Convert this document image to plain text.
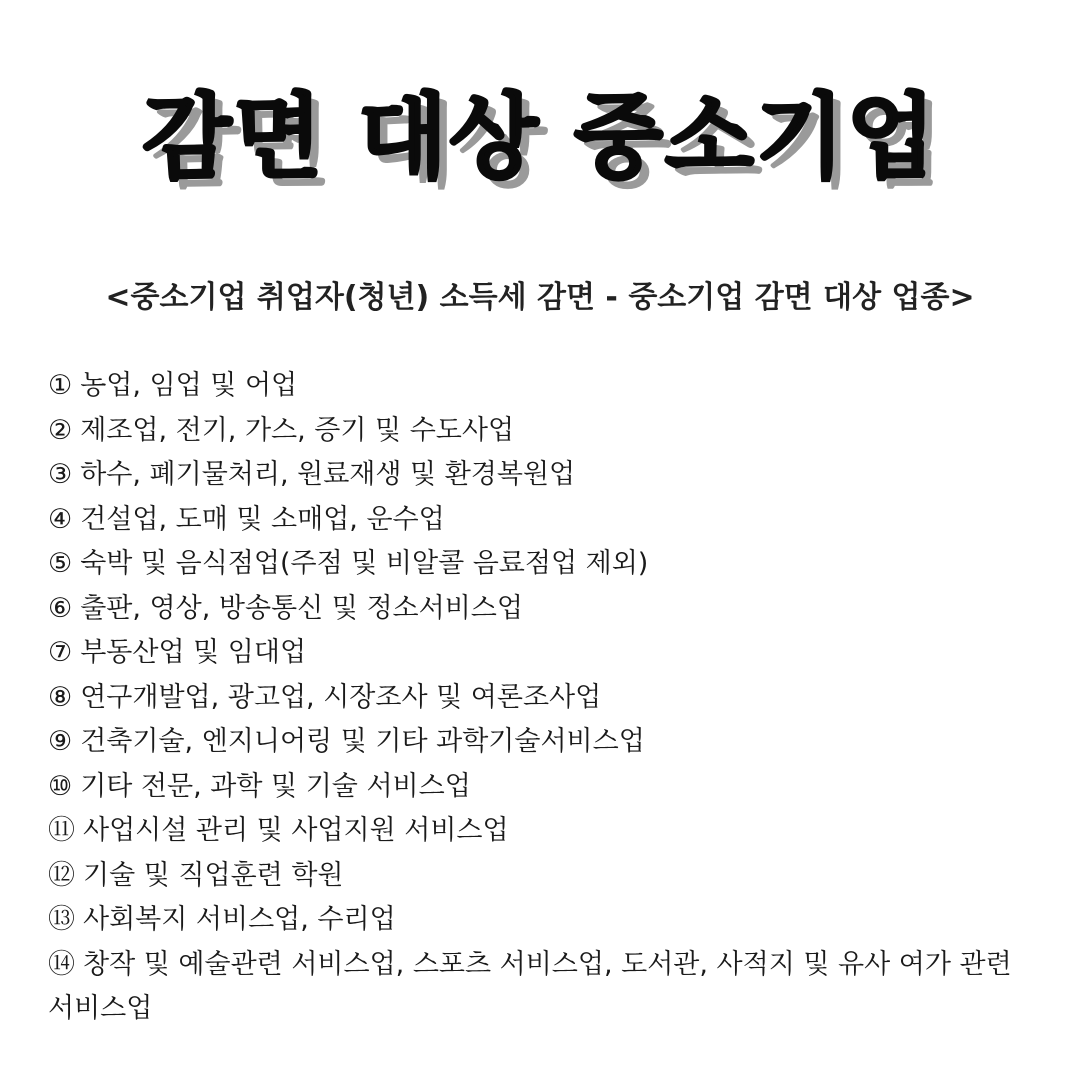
감면 대상 중소기업
<중소기업 취업자(청년) 소득세 감면 - 중소기업 감면 대상 업종>
① 농업, 임업 및 어업
② 제조업, 전기, 가스, 증기 및 수도사업
③ 하수, 폐기물처리, 원료재생 및 환경복원업
④ 건설업, 도매 및 소매업, 운수업
⑤ 숙박 및 음식점업(주점 및 비알콜 음료점업 제외)
⑥ 출판, 영상, 방송통신 및 정소서비스업
⑦ 부동산업 및 임대업
⑧ 연구개발업, 광고업, 시장조사 및 여론조사업
⑨ 건축기술, 엔지니어링 및 기타 과학기술서비스업
⑩ 기타 전문, 과학 및 기술 서비스업
⑪ 사업시설 관리 및 사업지원 서비스업
⑫ 기술 및 직업훈련 학원
⑬ 사회복지 서비스업, 수리업
⑭ 창작 및 예술관련 서비스업, 스포츠 서비스업, 도서관, 사적지 및 유사 여가 관련 서비스업
